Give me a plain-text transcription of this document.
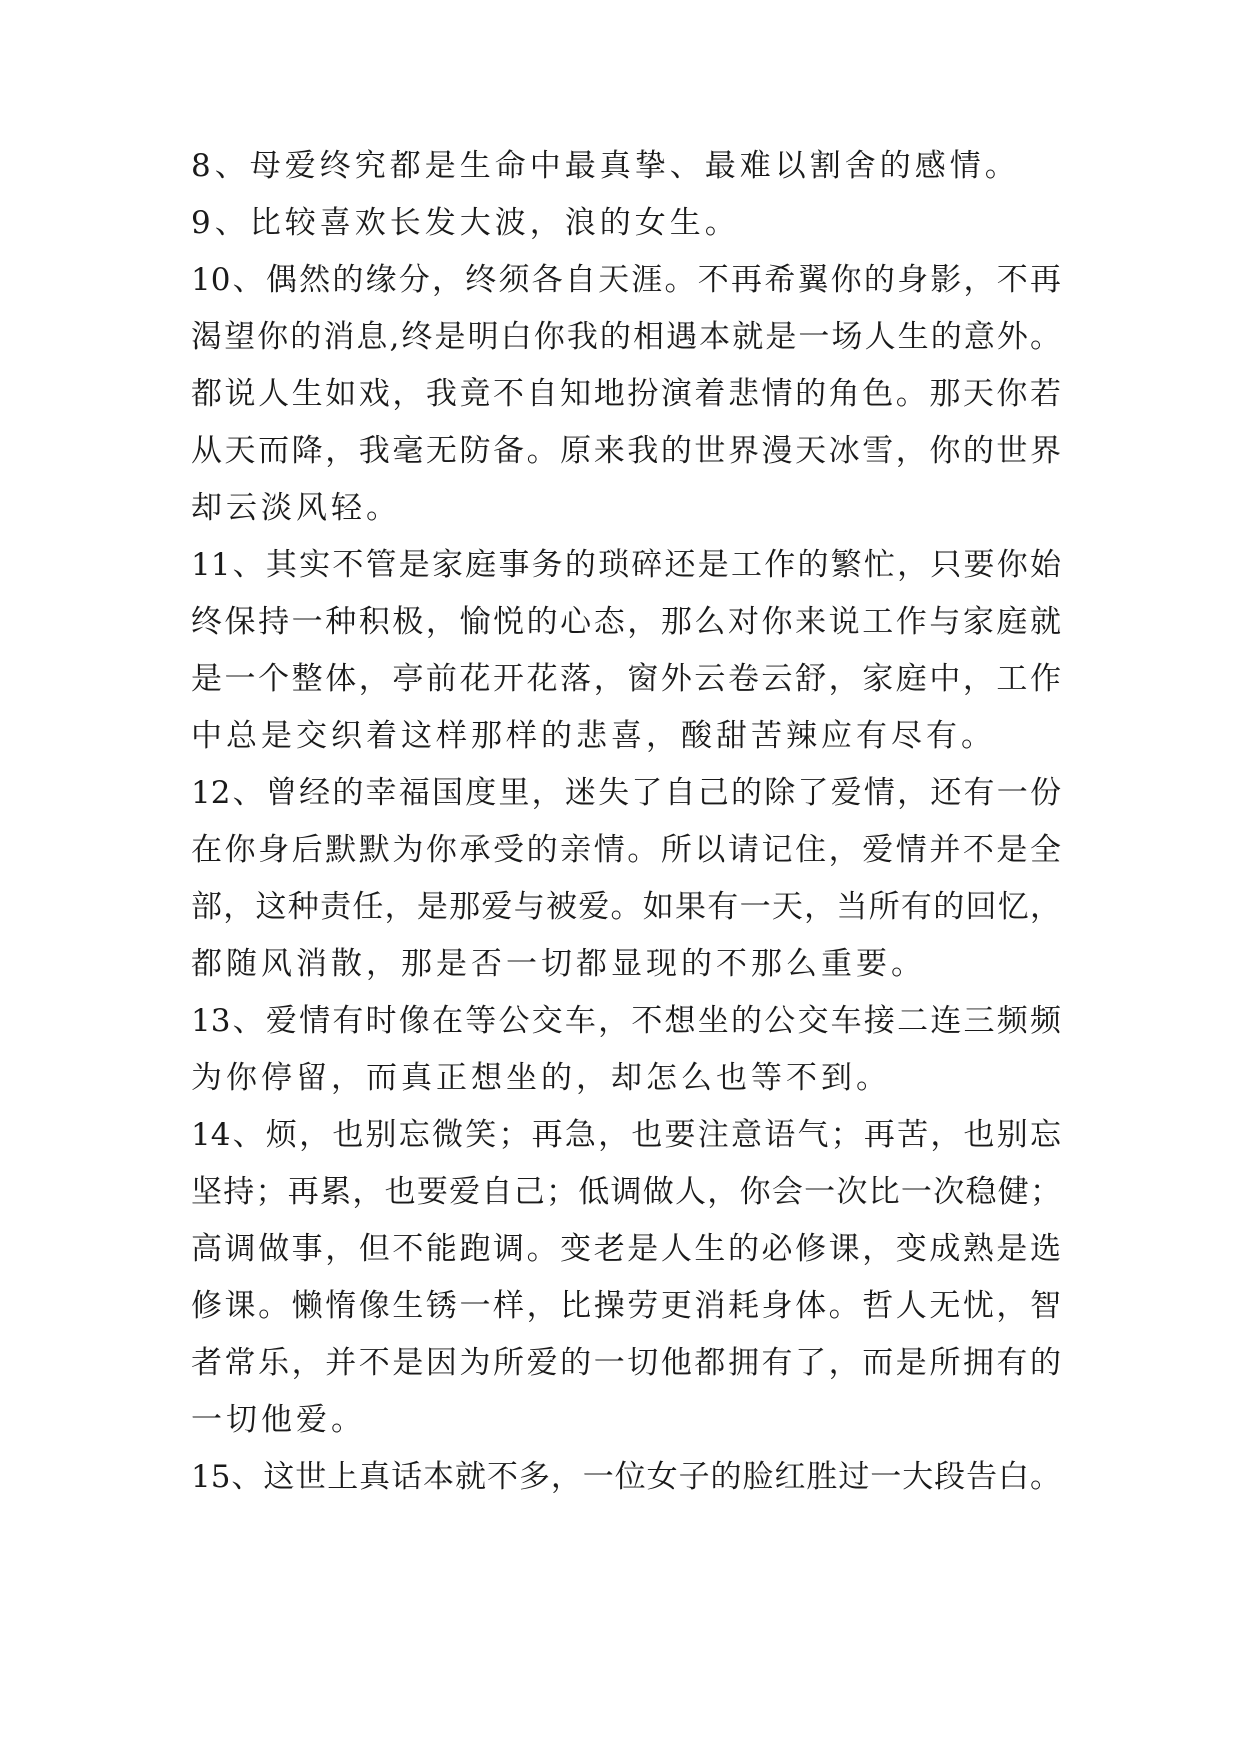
8、母爱终究都是生命中最真挚、最难以割舍的感情。
9、比较喜欢长发大波，浪的女生。
10、偶然的缘分，终须各自天涯。不再希翼你的身影，不再
渴望你的消息,终是明白你我的相遇本就是一场人生的意外。
都说人生如戏，我竟不自知地扮演着悲情的角色。那天你若
从天而降，我毫无防备。原来我的世界漫天冰雪，你的世界
却云淡风轻。
11、其实不管是家庭事务的琐碎还是工作的繁忙，只要你始
终保持一种积极，愉悦的心态，那么对你来说工作与家庭就
是一个整体，亭前花开花落，窗外云卷云舒，家庭中，工作
中总是交织着这样那样的悲喜，酸甜苦辣应有尽有。
12、曾经的幸福国度里，迷失了自己的除了爱情，还有一份
在你身后默默为你承受的亲情。所以请记住，爱情并不是全
部，这种责任，是那爱与被爱。如果有一天，当所有的回忆，
都随风消散，那是否一切都显现的不那么重要。
13、爱情有时像在等公交车，不想坐的公交车接二连三频频
为你停留，而真正想坐的，却怎么也等不到。
14、烦，也别忘微笑；再急，也要注意语气；再苦，也别忘
坚持；再累，也要爱自己；低调做人，你会一次比一次稳健；
高调做事，但不能跑调。变老是人生的必修课，变成熟是选
修课。懒惰像生锈一样，比操劳更消耗身体。哲人无忧，智
者常乐，并不是因为所爱的一切他都拥有了，而是所拥有的
一切他爱。
15、这世上真话本就不多，一位女子的脸红胜过一大段告白。
